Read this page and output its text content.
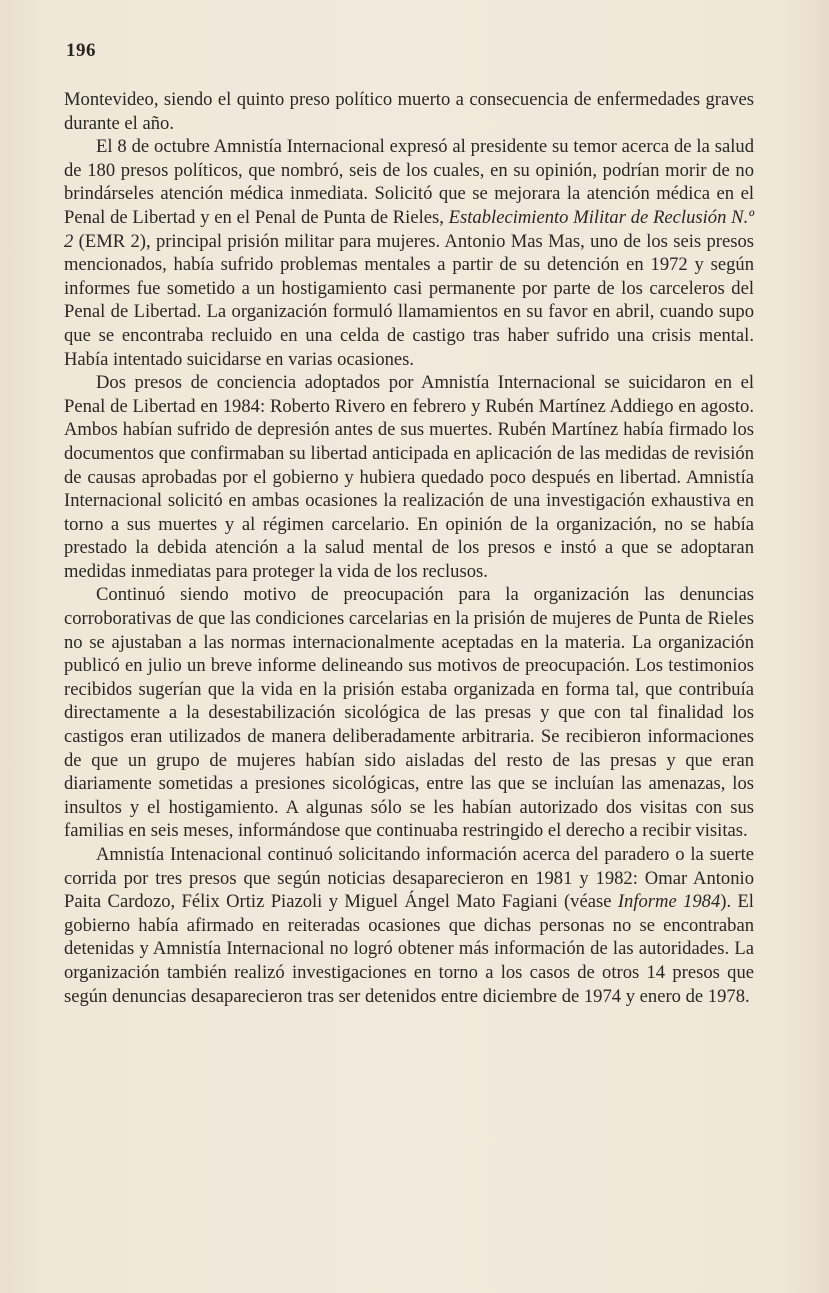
196

Montevideo, siendo el quinto preso político muerto a consecuencia de enfermedades graves durante el año.

El 8 de octubre Amnistía Internacional expresó al presidente su temor acerca de la salud de 180 presos políticos, que nombró, seis de los cuales, en su opinión, podrían morir de no brindárseles atención médica inmediata. Solicitó que se mejorara la atención médica en el Penal de Libertad y en el Penal de Punta de Rieles, Establecimiento Militar de Reclusión N.º 2 (EMR 2), principal prisión militar para mujeres. Antonio Mas Mas, uno de los seis presos mencionados, había sufrido problemas mentales a partir de su detención en 1972 y según informes fue sometido a un hostigamiento casi permanente por parte de los carceleros del Penal de Libertad. La organización formuló llamamientos en su favor en abril, cuando supo que se encontraba recluido en una celda de castigo tras haber sufrido una crisis mental. Había intentado suicidarse en varias ocasiones.

Dos presos de conciencia adoptados por Amnistía Internacional se suicidaron en el Penal de Libertad en 1984: Roberto Rivero en febrero y Rubén Martínez Addiego en agosto. Ambos habían sufrido de depresión antes de sus muertes. Rubén Martínez había firmado los documentos que confirmaban su libertad anticipada en aplicación de las medidas de revisión de causas aprobadas por el gobierno y hubiera quedado poco después en libertad. Amnistía Internacional solicitó en ambas ocasiones la realización de una investigación exhaustiva en torno a sus muertes y al régimen carcelario. En opinión de la organización, no se había prestado la debida atención a la salud mental de los presos e instó a que se adoptaran medidas inmediatas para proteger la vida de los reclusos.

Continuó siendo motivo de preocupación para la organización las denuncias corroborativas de que las condiciones carcelarias en la prisión de mujeres de Punta de Rieles no se ajustaban a las normas internacionalmente aceptadas en la materia. La organización publicó en julio un breve informe delineando sus motivos de preocupación. Los testimonios recibidos sugerían que la vida en la prisión estaba organizada en forma tal, que contribuía directamente a la desestabilización sicológica de las presas y que con tal finalidad los castigos eran utilizados de manera deliberadamente arbitraria. Se recibieron informaciones de que un grupo de mujeres habían sido aisladas del resto de las presas y que eran diariamente sometidas a presiones sicológicas, entre las que se incluían las amenazas, los insultos y el hostigamiento. A algunas sólo se les habían autorizado dos visitas con sus familias en seis meses, informándose que continuaba restringido el derecho a recibir visitas.

Amnistía Intenacional continuó solicitando información acerca del paradero o la suerte corrida por tres presos que según noticias desaparecieron en 1981 y 1982: Omar Antonio Paita Cardozo, Félix Ortiz Piazoli y Miguel Ángel Mato Fagiani (véase Informe 1984). El gobierno había afirmado en reiteradas ocasiones que dichas personas no se encontraban detenidas y Amnistía Internacional no logró obtener más información de las autoridades. La organización también realizó investigaciones en torno a los casos de otros 14 presos que según denuncias desaparecieron tras ser detenidos entre diciembre de 1974 y enero de 1978.
